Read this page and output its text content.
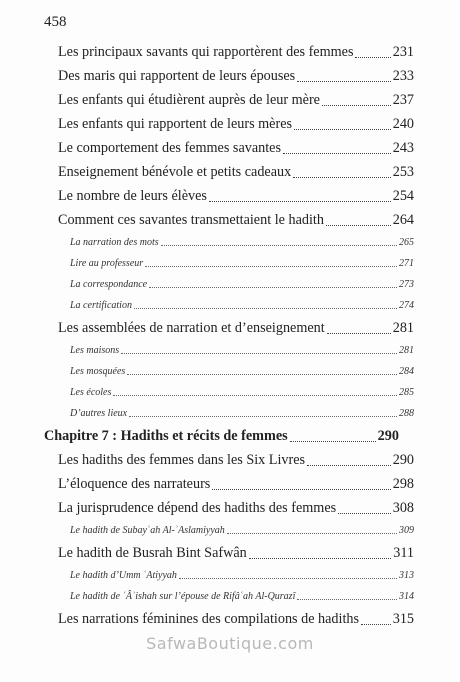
458
Les principaux savants qui rapportèrent des femmes	231
Des maris qui rapportent de leurs épouses	233
Les enfants qui étudièrent auprès de leur mère	237
Les enfants qui rapportent de leurs mères	240
Le comportement des femmes savantes	243
Enseignement bénévole et petits cadeaux	253
Le nombre de leurs élèves	254
Comment ces savantes transmettaient le hadith	264
La narration des mots	265
Lire au professeur	271
La correspondance	273
La certification	274
Les assemblées de narration et d’enseignement	281
Les maisons	281
Les mosquées	284
Les écoles	285
D’autres lieux	288
Chapitre 7 : Hadiths et récits de femmes	290
Les hadiths des femmes dans les Six Livres	290
L’éloquence des narrateurs	298
La jurisprudence dépend des hadiths des femmes	308
Le hadith de Subayʿah Al-ʾAslamiyyah	309
Le hadith de Busrah Bint Safwân	311
Le hadith d’Umm ʿAtiyyah	313
Le hadith de ʿÂʾishah sur l’épouse de Rifâʿah Al-Qurazî	314
Les narrations féminines des compilations de hadiths 315
SafwaBoutique.com
